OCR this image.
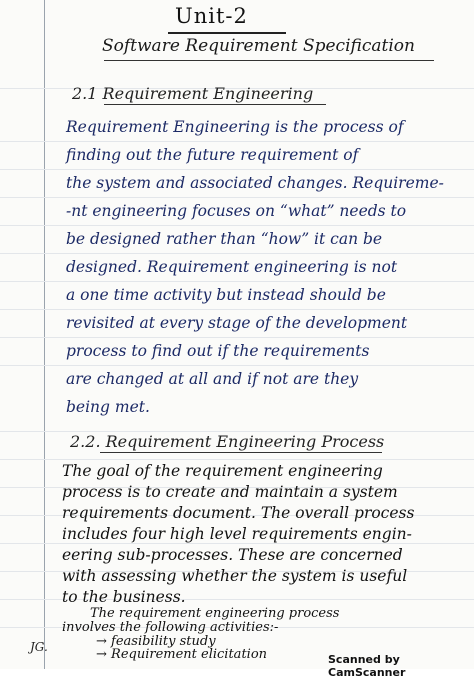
Unit-2
Software Requirement Specification
2.1 Requirement Engineering
Requirement Engineering is the process of
finding out the future requirement of
the system and associated changes. Requireme-
-nt engineering focuses on “what” needs to
be designed rather than “how” it can be
designed. Requirement engineering is not
a one time activity but instead should be
revisited at every stage of the development
process to find out if the requirements
are changed at all and if not are they
being met.
2.2. Requirement Engineering Process
The goal of the requirement engineering
process is to create and maintain a system
requirements document. The overall process
includes four high level requirements engin-
eering sub-processes. These are concerned
with assessing whether the system is useful
to the business.
The requirement engineering process
JG.
Scanned by CamScanner
involves the following activities:-
→ feasibility study
→ Requirement elicitation
